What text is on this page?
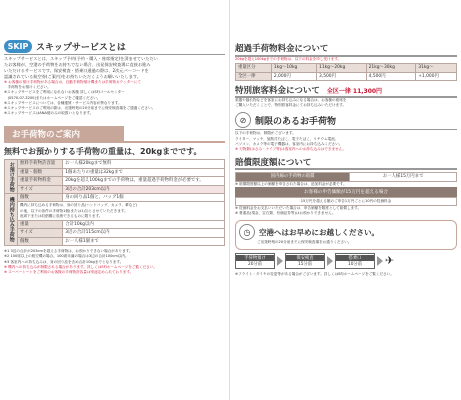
SKIP スキップサービスとは
スキップサービスとは、スキップ予約(予約・購入・座席指定)を済ませていただい
たお客様が、空港の手荷物をお持ちでない場合、出発保安検査場に直接お進み
いただけるサービスです。保安検査・搭乗口通過の際は、2次元バーコードを
認識されている航空券(ご案内)をお持ちいただくようお願いいたします。
※ お客様の預け手荷物がある場合は、自動手荷物預け機または手荷物カウンターにて
　手荷物をお預けください。
※スキップサービスをご利用になれないお客様 詳しくはSFJコールセンター
　(0570-07-3200)またはホームページをご確認ください。
※スキップサービスについては、各種運賃・サービス内容が異なります。
※スキップサービスのご利用の際は、出発時刻の20分前までに保安検査場をご通過ください。
※スキップサービスはANA便のみの取扱いとなります。
お手荷物のご案内
無料でお預かりする手荷物の重量は、20kgまでです。
お預け手荷物	無料手荷物許容量	お一人様20kgまで無料
	重量・個数	1個あたりの重量は32kgまで
	重量手荷物料金	20kgを超え100kgまでの手荷物は、重量超過手荷物料金が必要です。
	サイズ	3辺の合計203cm以内
機内持ち込み手荷物	個数	身の回り品1個と、バッグ1個

	機内に持ち込める手荷物は、身の回り品(ハンドバッグ、カメラ、傘など)
の他、以下の条件の手荷物1個(または1点)とさせていただきます。
座席下または収納棚に収納できるものに限ります。	

	重量	合計10kg以内
	サイズ	3辺の合計115cm以内
	個数	お一人様1個まで
※1 3辺の合計が203cmを超える手荷物は、お預かりできない場合があります。
※2 100席以上の航空機の場合。100席未満の場合は3辺の合計100cm以内。
※3 客室内への持ち込みは、身の回り品を含め合計10kgまでとなります。
※ 機内への持ち込みが制限される場合があります。詳しくはSFJホームページをご覧ください。
※ スーパーシートをご利用のお客様の手荷物許容量は別途定められております。
超過手荷物料金について
20kgを超え100kgまでの手荷物は、以下の料金を申し受けます。
重量区分	1kg〜10kg	11kg〜20kg	21kg〜30kg	31kg〜
全区一律	2,000円	3,500円	4,500円	+1,000円
特別旅客料金について 全区一律 11,300円
楽器や割れ物などを客室にお持ち込みになる場合は、お客様の座席を
ご購入いただくことで、特別旅客料金にてお持ち込みいただけます。
⊘ 制限のあるお手荷物
以下の手荷物は、制限がございます。
ライター、マッチ、加熱式たばこ、電子たばこ、リチウム電池、
パソコン、カメラ等の電子機器は、客室内にお持ち込みください。
※ 刃物類(はさみ・ナイフ等)は客室内へのお持ち込みはできません。
賠償限度額について
国内線の手荷物の賠償	お一人様15万円まで
※ 賠償限度額以上の価額を申告された場合は、追加料金が必要です。
お客様の申告価額が15万円を超える場合
15万円を超える額のご申告1万円ごとに10円の従価料金
※ 従価料金をお支払いいただいた場合は、申告価額を限度として賠償します。
※ 貴重品(現金、宝石類、有価証券等)はお預かりできません。
◷	空港へはお早めにお越しください。
ご出発時刻の20分前までに保安検査場をお通りください。
手荷物預け
20分前
保安検査
15分前
搭乗口
10分前	✈
※フライト・ダイヤの変更等がある場合がございます。詳しくはSFJホームページをご覧ください。
